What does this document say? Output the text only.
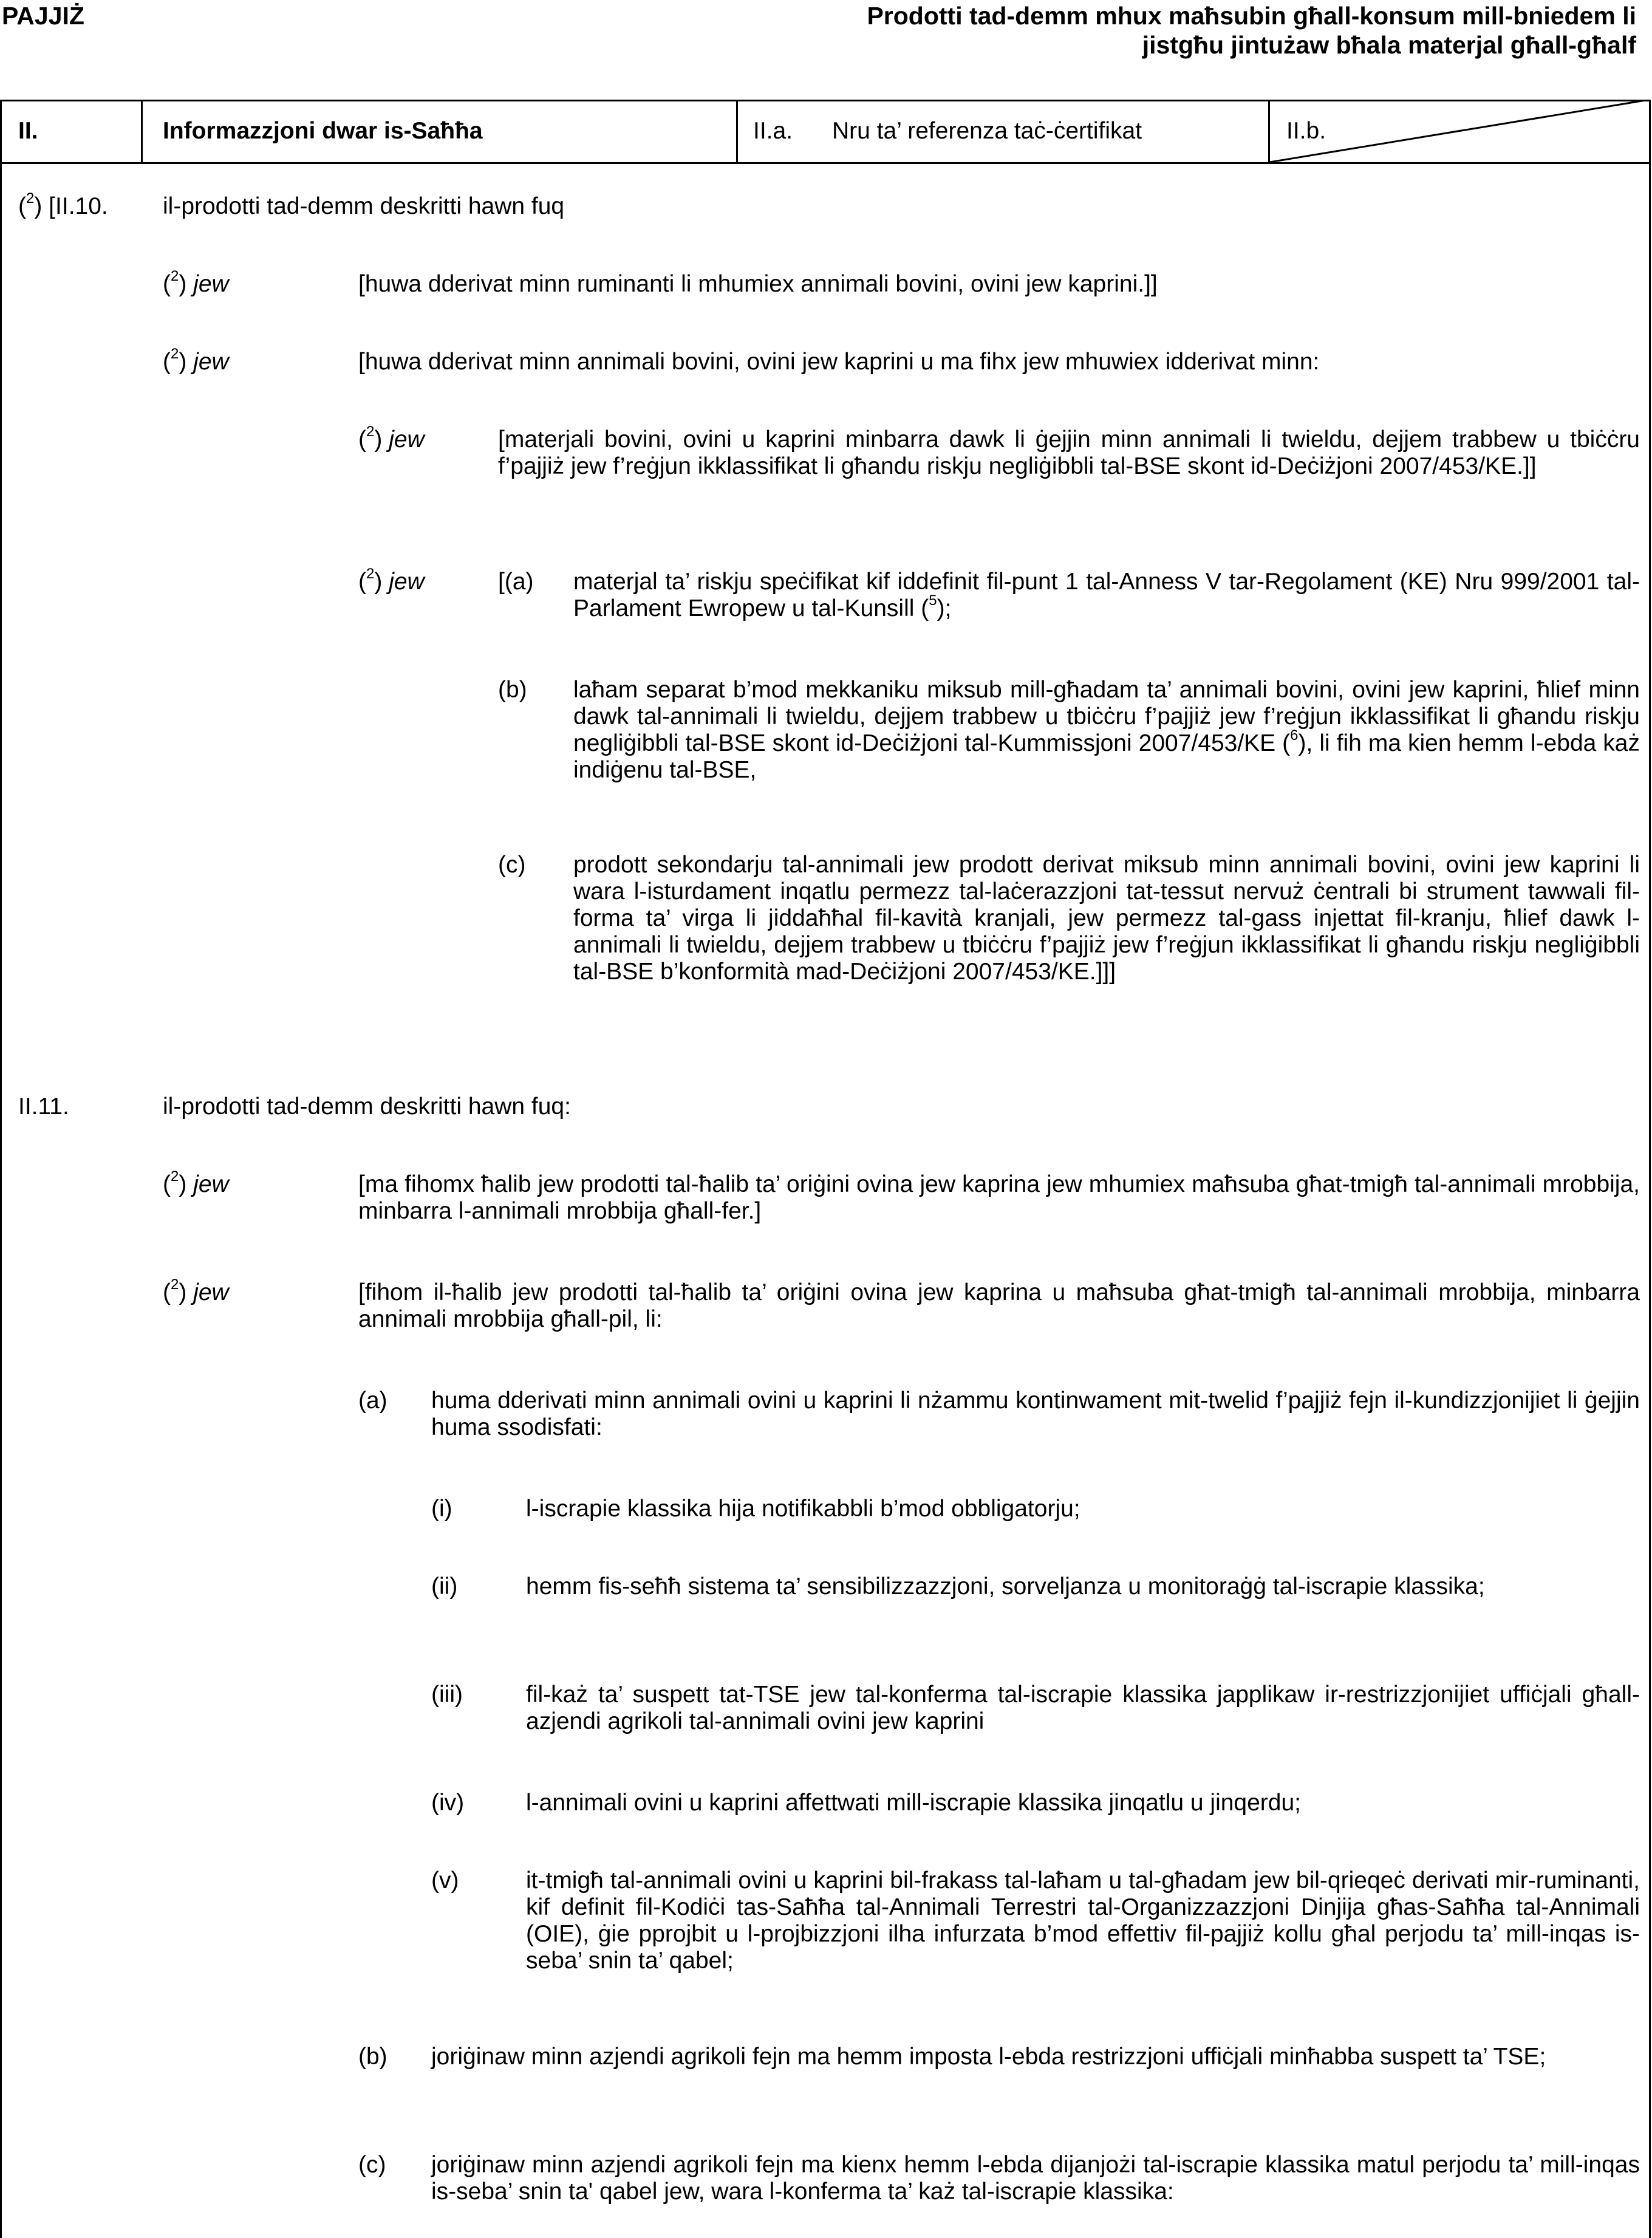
PAJJIŻ	Prodotti tad-demm mhux maħsubin għall-konsum mill-bniedem li jistgħu jintużaw bħala materjal għall-għalf
II.	Informazzjoni dwar is-Saħħa	II.a. Nru ta’ referenza taċ-ċertifikat	II.b.
($^2$) [II.10. il-prodotti tad-demm deskritti hawn fuq
($^2$) jew	[huwa dderivat minn ruminanti li mhumiex annimali bovini, ovini jew kaprini.]]
($^2$) jew	[huwa dderivat minn annimali bovini, ovini jew kaprini u ma fihx jew mhuwiex idderivat minn:
($^2$) jew	[materjali bovini, ovini u kaprini minbarra dawk li ġejjin minn annimali li twieldu, dejjem trabbew u tbiċċru f’pajjiż jew f’reġjun ikklassifikat li għandu riskju negliġibbli tal-BSE skont id-Deċiżjoni 2007/453/KE.]]
($^2$) jew	[(a) materjal ta’ riskju speċifikat kif iddefinit fil-punt 1 tal-Anness V tar-Regolament (KE) Nru 999/2001 tal-Parlament Ewropew u tal-Kunsill ($^5$);
(b) laħam separat b’mod mekkaniku miksub mill-għadam ta’ annimali bovini, ovini jew kaprini, ħlief minn dawk tal-annimali li twieldu, dejjem trabbew u tbiċċru f’pajjiż jew f’reġjun ikklassifikat li għandu riskju negliġibbli tal-BSE skont id-Deċiżjoni tal-Kummissjoni 2007/453/KE ($^6$), li fih ma kien hemm l-ebda każ indiġenu tal-BSE,
(c) prodott sekondarju tal-annimali jew prodott derivat miksub minn annimali bovini, ovini jew kaprini li wara l-isturdament inqatlu permezz tal-laċerazzjoni tat-tessut nervuż ċentrali bi strument tawwali fil-forma ta’ virga li jiddaħħal fil-kavità kranjali, jew permezz tal-gass injettat fil-kranju, ħlief dawk l-annimali li twieldu, dejjem trabbew u tbiċċru f’pajjiż jew f’reġjun ikklassifikat li għandu riskju negliġibbli tal-BSE b’konformità mad-Deċiżjoni 2007/453/KE.]]]
II.11.	il-prodotti tad-demm deskritti hawn fuq:
($^2$) jew	[ma fihomx ħalib jew prodotti tal-ħalib ta’ oriġini ovina jew kaprina jew mhumiex maħsuba għat-tmigħ tal-annimali mrobbija, minbarra l-annimali mrobbija għall-fer.]
($^2$) jew	[fihom il-ħalib jew prodotti tal-ħalib ta’ oriġini ovina jew kaprina u maħsuba għat-tmigħ tal-annimali mrobbija, minbarra annimali mrobbija għall-pil, li:
(a) huma dderivati minn annimali ovini u kaprini li nżammu kontinwament mit-twelid f’pajjiż fejn il-kundizzjonijiet li ġejjin huma ssodisfati:
(i)	l-iscrapie klassika hija notifikabbli b’mod obbligatorju;
(ii)	hemm fis-seħħ sistema ta’ sensibilizzazzjoni, sorveljanza u monitoraġġ tal-iscrapie klassika;
(iii)	fil-każ ta’ suspett tat-TSE jew tal-konferma tal-iscrapie klassika japplikaw ir-restrizzjonijiet uffiċjali għall-azjendi agrikoli tal-annimali ovini jew kaprini
(iv)	l-annimali ovini u kaprini affettwati mill-iscrapie klassika jinqatlu u jinqerdu;
(v)	it-tmigħ tal-annimali ovini u kaprini bil-frakass tal-laħam u tal-għadam jew bil-qrieqeċ derivati mir-ruminanti, kif definit fil-Kodiċi tas-Saħħa tal-Annimali Terrestri tal-Organizzazzjoni Dinjija għas-Saħħa tal-Annimali (OIE), ġie pprojbit u l-projbizzjoni ilha infurzata b’mod effettiv fil-pajjiż kollu għal perjodu ta’ mill-inqas is-seba’ snin ta’ qabel;
(b) joriġinaw minn azjendi agrikoli fejn ma hemm imposta l-ebda restrizzjoni uffiċjali minħabba suspett ta’ TSE;
(c) joriġinaw minn azjendi agrikoli fejn ma kienx hemm l-ebda dijanjożi tal-iscrapie klassika matul perjodu ta’ mill-inqas is-seba’ snin ta' qabel jew, wara l-konferma ta’ każ tal-iscrapie klassika:
